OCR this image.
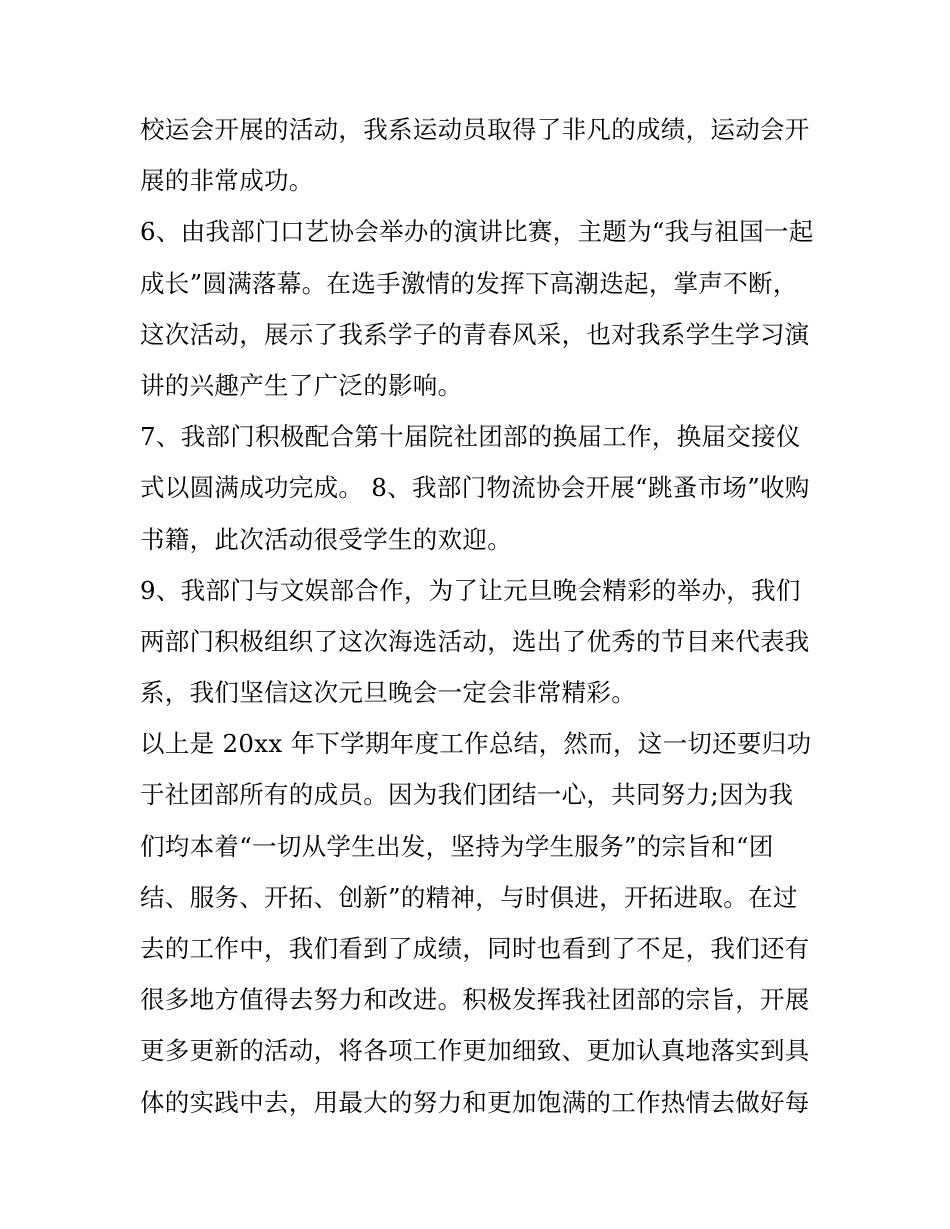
校运会开展的活动，我系运动员取得了非凡的成绩，运动会开
展的非常成功。
6、由我部门口艺协会举办的演讲比赛，主题为“我与祖国一起
成长”圆满落幕。在选手激情的发挥下高潮迭起，掌声不断，
这次活动，展示了我系学子的青春风采，也对我系学生学习演
讲的兴趣产生了广泛的影响。
7、我部门积极配合第十届院社团部的换届工作，换届交接仪
式以圆满成功完成。 8、我部门物流协会开展“跳蚤市场”收购
书籍，此次活动很受学生的欢迎。
9、我部门与文娱部合作，为了让元旦晚会精彩的举办，我们
两部门积极组织了这次海选活动，选出了优秀的节目来代表我
系，我们坚信这次元旦晚会一定会非常精彩。
以上是 20xx 年下学期年度工作总结，然而，这一切还要归功
于社团部所有的成员。因为我们团结一心，共同努力;因为我
们均本着“一切从学生出发，坚持为学生服务”的宗旨和“团
结、服务、开拓、创新”的精神，与时俱进，开拓进取。在过
去的工作中，我们看到了成绩，同时也看到了不足，我们还有
很多地方值得去努力和改进。积极发挥我社团部的宗旨，开展
更多更新的活动，将各项工作更加细致、更加认真地落实到具
体的实践中去，用最大的努力和更加饱满的工作热情去做好每
